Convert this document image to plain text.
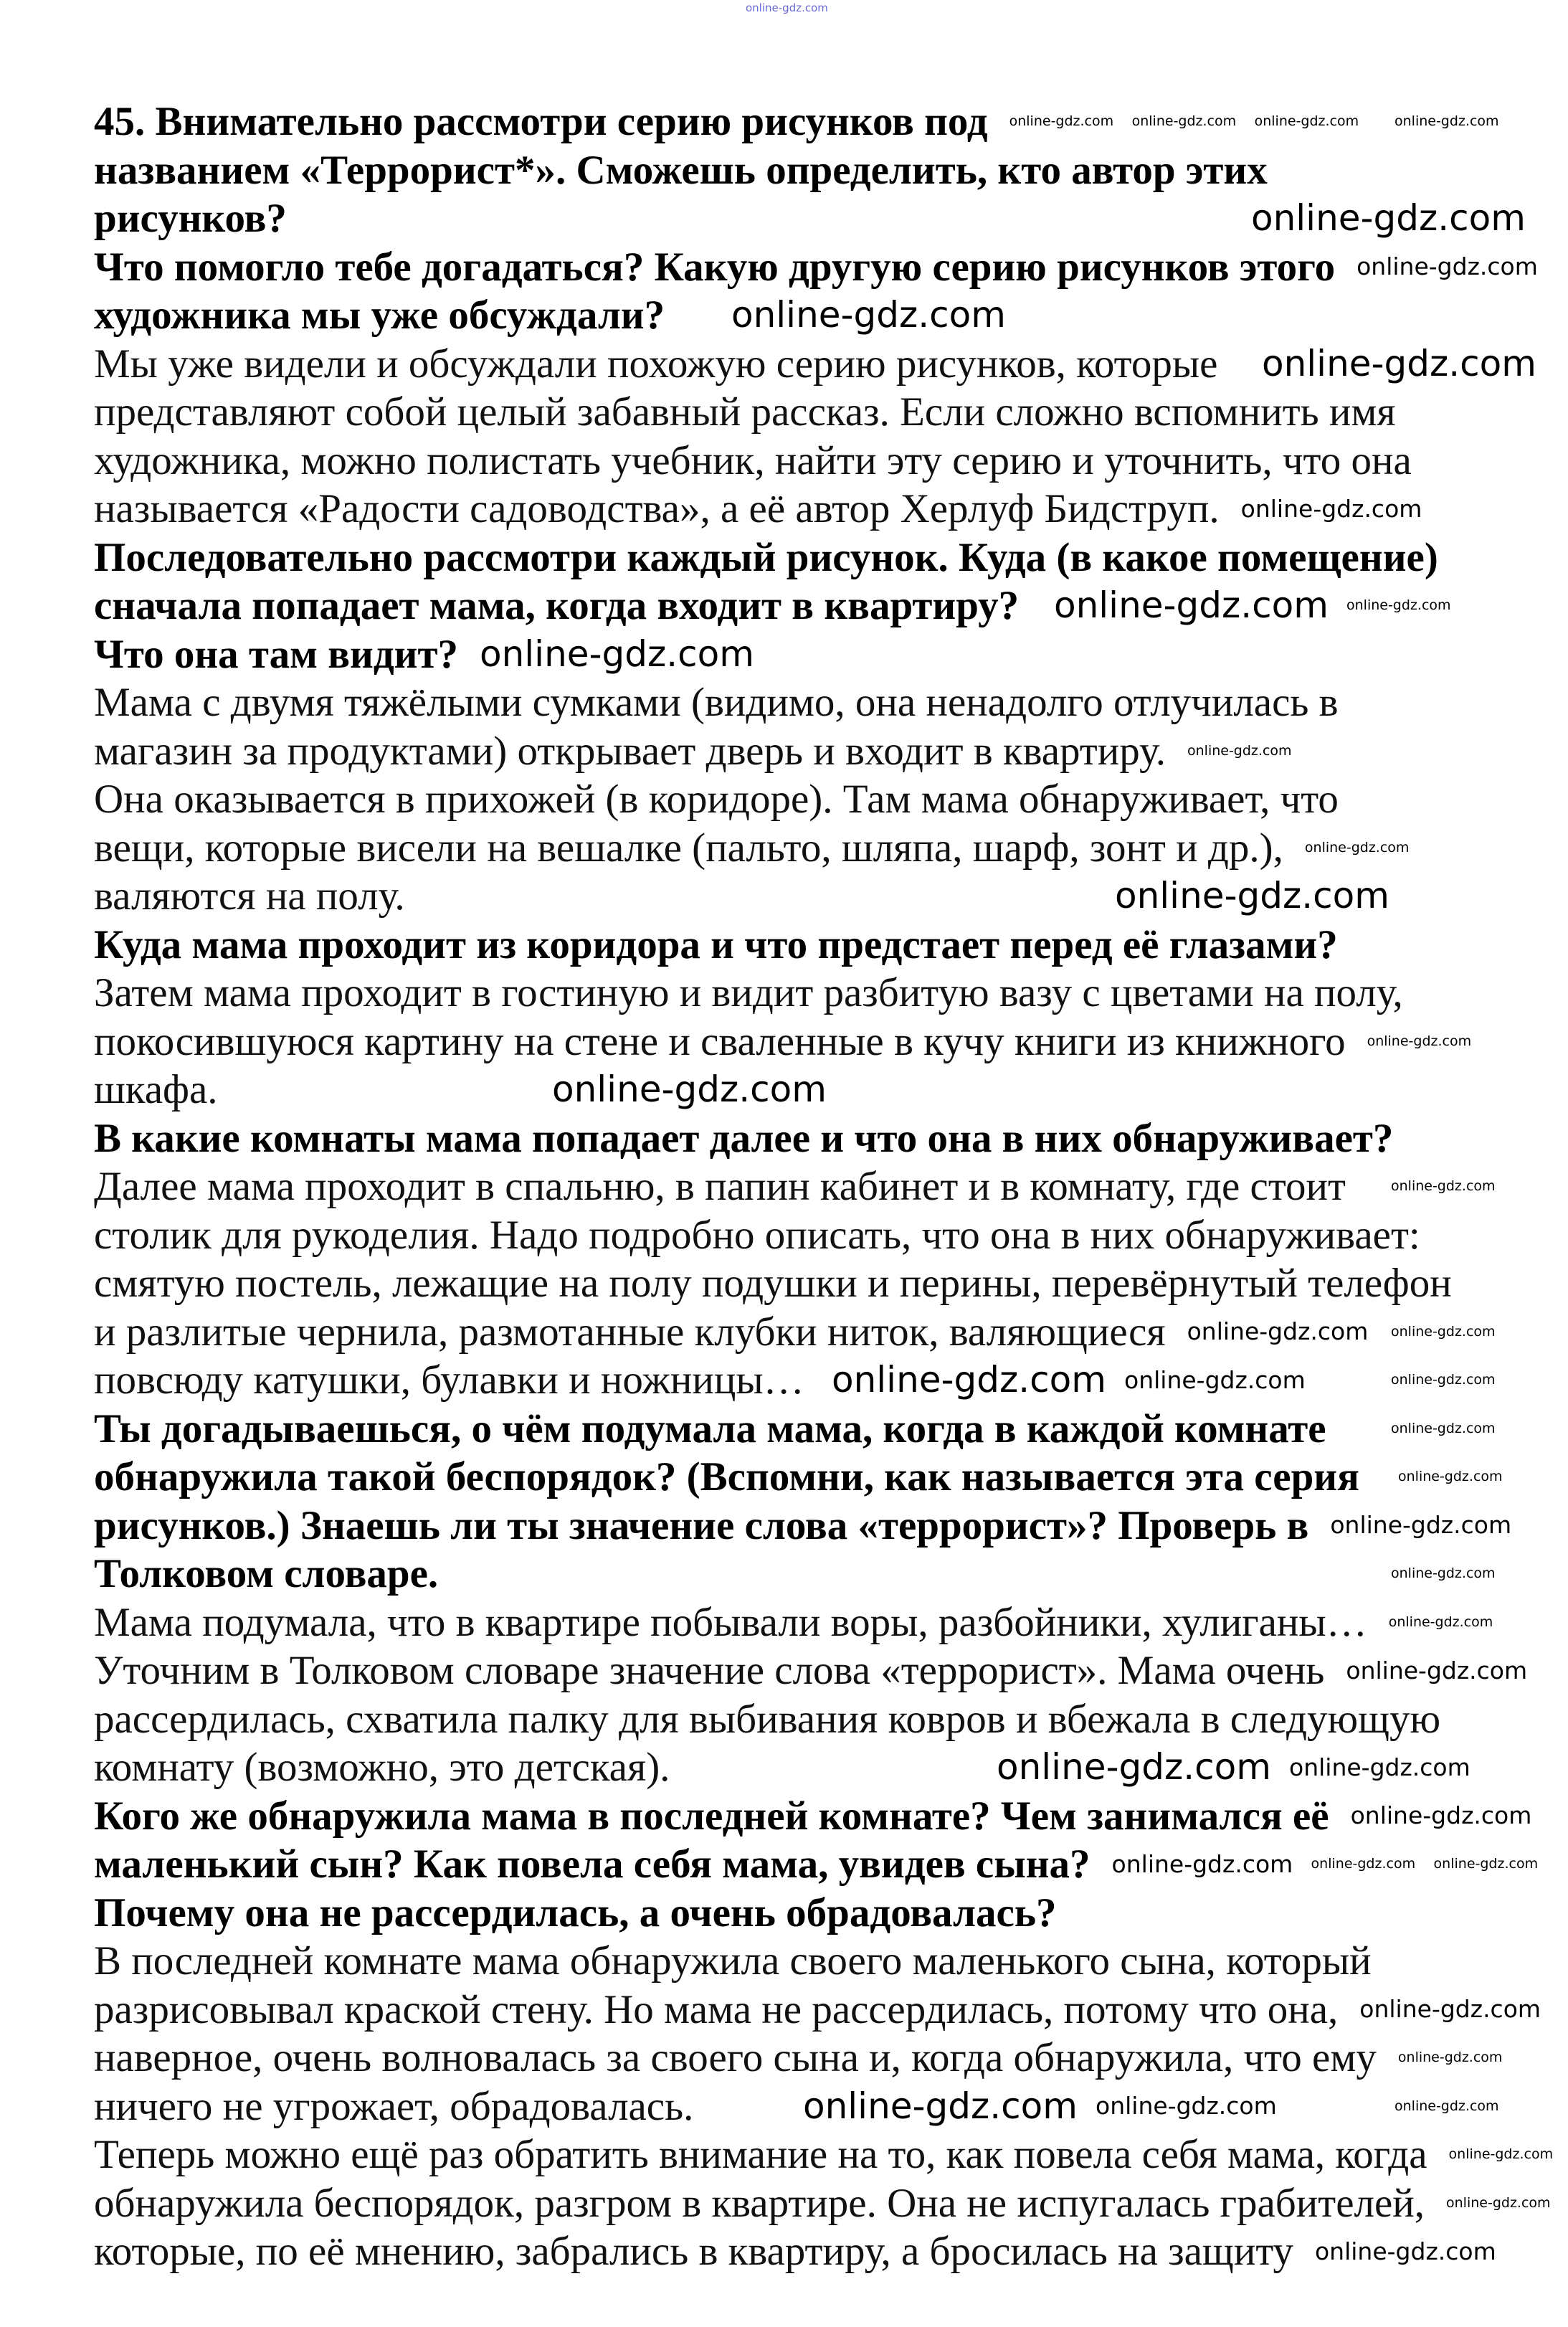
online-gdz.com
45. Внимательно рассмотри серию рисунков под
названием «Террорист*». Сможешь определить, кто автор этих
рисунков?
Что помогло тебе догадаться? Какую другую серию рисунков этого
художника мы уже обсуждали?
Мы уже видели и обсуждали похожую серию рисунков, которые
представляют собой целый забавный рассказ. Если сложно вспомнить имя
художника, можно полистать учебник, найти эту серию и уточнить, что она
называется «Радости садоводства», а её автор Херлуф Бидструп.
Последовательно рассмотри каждый рисунок. Куда (в какое помещение)
сначала попадает мама, когда входит в квартиру?
Что она там видит?
Мама с двумя тяжёлыми сумками (видимо, она ненадолго отлучилась в
магазин за продуктами) открывает дверь и входит в квартиру.
Она оказывается в прихожей (в коридоре). Там мама обнаруживает, что
вещи, которые висели на вешалке (пальто, шляпа, шарф, зонт и др.),
валяются на полу.
Куда мама проходит из коридора и что предстает перед её глазами?
Затем мама проходит в гостиную и видит разбитую вазу с цветами на полу,
покосившуюся картину на стене и сваленные в кучу книги из книжного
шкафа.
В какие комнаты мама попадает далее и что она в них обнаруживает?
Далее мама проходит в спальню, в папин кабинет и в комнату, где стоит
столик для рукоделия. Надо подробно описать, что она в них обнаруживает:
смятую постель, лежащие на полу подушки и перины, перевёрнутый телефон
и разлитые чернила, размотанные клубки ниток, валяющиеся
повсюду катушки, булавки и ножницы…
Ты догадываешься, о чём подумала мама, когда в каждой комнате
обнаружила такой беспорядок? (Вспомни, как называется эта серия
рисунков.) Знаешь ли ты значение слова «террорист»? Проверь в
Толковом словаре.
Мама подумала, что в квартире побывали воры, разбойники, хулиганы…
Уточним в Толковом словаре значение слова «террорист». Мама очень
рассердилась, схватила палку для выбивания ковров и вбежала в следующую
комнату (возможно, это детская).
Кого же обнаружила мама в последней комнате? Чем занимался её
маленький сын? Как повела себя мама, увидев сына?
Почему она не рассердилась, а очень обрадовалась?
В последней комнате мама обнаружила своего маленького сына, который
разрисовывал краской стену. Но мама не рассердилась, потому что она,
наверное, очень волновалась за своего сына и, когда обнаружила, что ему
ничего не угрожает, обрадовалась.
Теперь можно ещё раз обратить внимание на то, как повела себя мама, когда
обнаружила беспорядок, разгром в квартире. Она не испугалась грабителей,
которые, по её мнению, забрались в квартиру, а бросилась на защиту
online-gdz.com
online-gdz.com
online-gdz.com
online-gdz.com
online-gdz.com
online-gdz.com
online-gdz.com
online-gdz.com
online-gdz.com
online-gdz.com
online-gdz.com
online-gdz.com
online-gdz.com
online-gdz.com
online-gdz.com
online-gdz.com
online-gdz.com
online-gdz.com
online-gdz.com
online-gdz.com
online-gdz.com
online-gdz.com
online-gdz.com online-gdz.com online-gdz.com
online-gdz.com
online-gdz.com
online-gdz.com
online-gdz.com
online-gdz.com
online-gdz.com
online-gdz.com
online-gdz.com
online-gdz.com
online-gdz.com
online-gdz.com
online-gdz.com online-gdz.com
online-gdz.com
online-gdz.com
online-gdz.com
online-gdz.com
online-gdz.com
